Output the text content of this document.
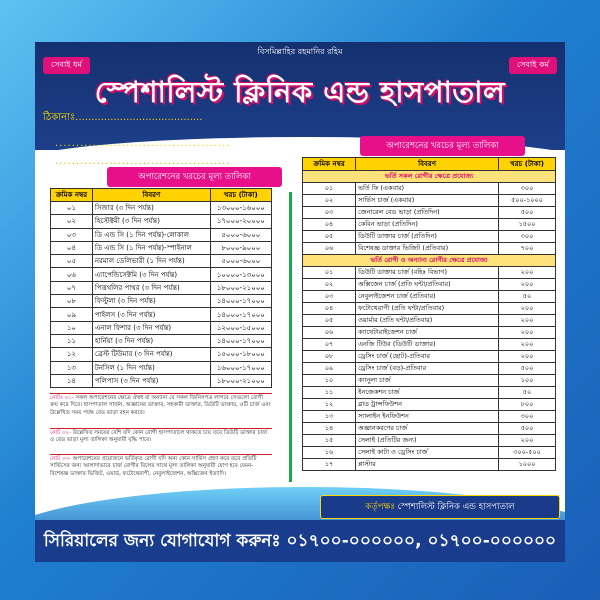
বিসমিল্লাহির রহমানির রহিম
সেবাই ধর্ম	সেবাই কর্ম
স্পেশালিস্ট ক্লিনিক এন্ড হাসপাতাল
ঠিকানাঃ........................................
..........................................
..........................................
অপারেশনের খরচের মূল্য তালিকা
অপারেশনের খরচের মূল্য তালিকা
ক্রমিক নম্বর	বিবরণ	খরচ (টাকা)
০১	সিজার (৩ দিন পর্যন্ত)	১৩০০০-১৬০০০
০২	হিস্টেক্টমী (৩ দিন পর্যন্ত)	১৭০০০-২০০০০
০৩	ডি এন্ড সি (১ দিন পর্যন্ত)-লোকাল	৫০০০-৬০০০
০৪	ডি এন্ড সি (১ দিন পর্যন্ত)-স্পাইনাল	৮০০০-৯০০০
০৫	নরমাল ডেলিভারী (১ দিন পর্যন্ত)	৫০০০-৬০০০
০৬	এ্যাপেন্ডিসেক্টমি (৩ দিন পর্যন্ত)	১০০০০-১৩০০০
০৭	পিত্তথলির পাথর (৩ দিন পর্যন্ত)	১৮০০০-২১০০০
০৮	ফিস্টুলা (৩ দিন পর্যন্ত)	১৪০০০-১৭০০০
০৯	পাইলস (৩ দিন পর্যন্ত)	১৪০০০-১৭০০০
১০	এনাল ফিশার (৩ দিন পর্যন্ত)	১২০০০-১৫০০০
১১	হার্নিয়া (৩ দিন পর্যন্ত)	১৪০০০-১৭০০০
১২	ব্রেস্ট টিউমার (৩ দিন পর্যন্ত)	১৫০০০-১৮০০০
১৩	টনসিল (১ দিন পর্যন্ত)	১৬০০০-১৭০০০
১৪	পলিপাস (৩ দিন পর্যন্ত)	১৮০০০-২১০০০
ক্রমিক নম্বর	বিবরণ	খরচ (টাকা)
ভর্তি সকল রোগীর ক্ষেত্রে প্রযোজ্য		
০১	ভর্তি ফি (একবার)	৩০০
০২	সার্ভিস চার্জ (একবার)	৫০০-১০০০
০৩	জেনারেল বেড ভাড়া (প্রতিদিন)	৫০০
০৪	কেবিন ভাড়া (প্রতিদিন)	১৫০০
০৫	ডিউটি ডাক্তার চার্জ (প্রতিদিন)	৩০০
০৬	বিশেষজ্ঞ ডাক্তার ভিজিট (প্রতিবার)	৭০০
ভর্তি রোগী ও অন্যান্য রোগীর ক্ষেত্রে প্রযোজ্য		
০১	ডিউটি ডাক্তার চার্জ (বহিঃ বিভাগ)	২০০
০২	অক্সিজেন চার্জ (প্রতি ঘন্টা/প্রতিবার)	২০০
০৩	নেবুলাইজেশন চার্জ (প্রতিবার)	৫০
০৪	ফটোথেরাপী (প্রতি ঘন্টা/প্রতিবার)	২০০
০৫	ওয়ার্মার (প্রতি ঘন্টা/প্রতিবার)	২০০
০৬	ক্যাথেটারাইজেশন চার্জ	২০০
০৭	এনজি টিউব (ডিউটি ডাক্তার)	২০০
০৮	ড্রেসিং চার্জ (ছোট)-প্রতিবার	২০০
০৯	ড্রেসিং চার্জ (বড়)-প্রতিবার	৫০০
১০	ক্যানুলা চার্জ	১০০
১১	ইনজেকশন চার্জ	৫০
১২	ব্লাড ট্রান্সফিউশন	৮০০
১৩	স্যালাইন ইনফিউশন	৩০০
১৪	অজ্ঞানকরণের চার্জ	৫০০
১৫	সেলাই (প্রতিটির জন্য)	২০০
১৬	সেলাই কাটা ও ড্রেসিং চার্জ	৩০০-৫০০
১৭	প্লাস্টার	১০০০
নোটঃ ০১- সকল অপারেশনের ক্ষেত্রে ঔষধ বা অন্যান্য যে সকল জিনিসপত্র লাগবে সেগুলো রোগী ক্রয় করে দিবে। হাসপাতাল সার্জন, অজ্ঞানের ডাক্তার, সহকারী ডাক্তার, ডিউটি ডাক্তার, ওটি চার্জ এবং উল্লেখিত সময় পর্যন্ত বেড ভাড়া বহন করবে।
নোট ০২- উল্লেখিত সময়ের বেশি যদি কোন রোগী হাসপাতালে থাকতে চায় তবে ডিউটি ডাক্তার চার্জ ও বেড ভাড়া মূল্য তালিকা অনুযায়ী বৃদ্ধি পাবে।
নোট ০৩- অপারেশনের প্রয়োজনে ভর্তিকৃত রোগী যদি অন্য কোন সার্ভিস গ্রহণ করে তবে প্রতিটি সার্ভিসের জন্য আলাদাভাবে চার্জ রোগীর বিলের সাথে মূল্য তালিকা অনুযায়ী যোগ হবে যেমন- বিশেষজ্ঞ ডাক্তার ভিজিট, ওয়ার্ড, ফটোথেরাপী, নেবুলাইজেশন, অক্সিজেন ইত্যাদি।
কর্তৃপক্ষঃ স্পেশালিস্ট ক্লিনিক এন্ড হাসপাতাল
সিরিয়ালের জন্য যোগাযোগ করুনঃ ০১৭০০-০০০০০০, ০১৭০০-০০০০০০
